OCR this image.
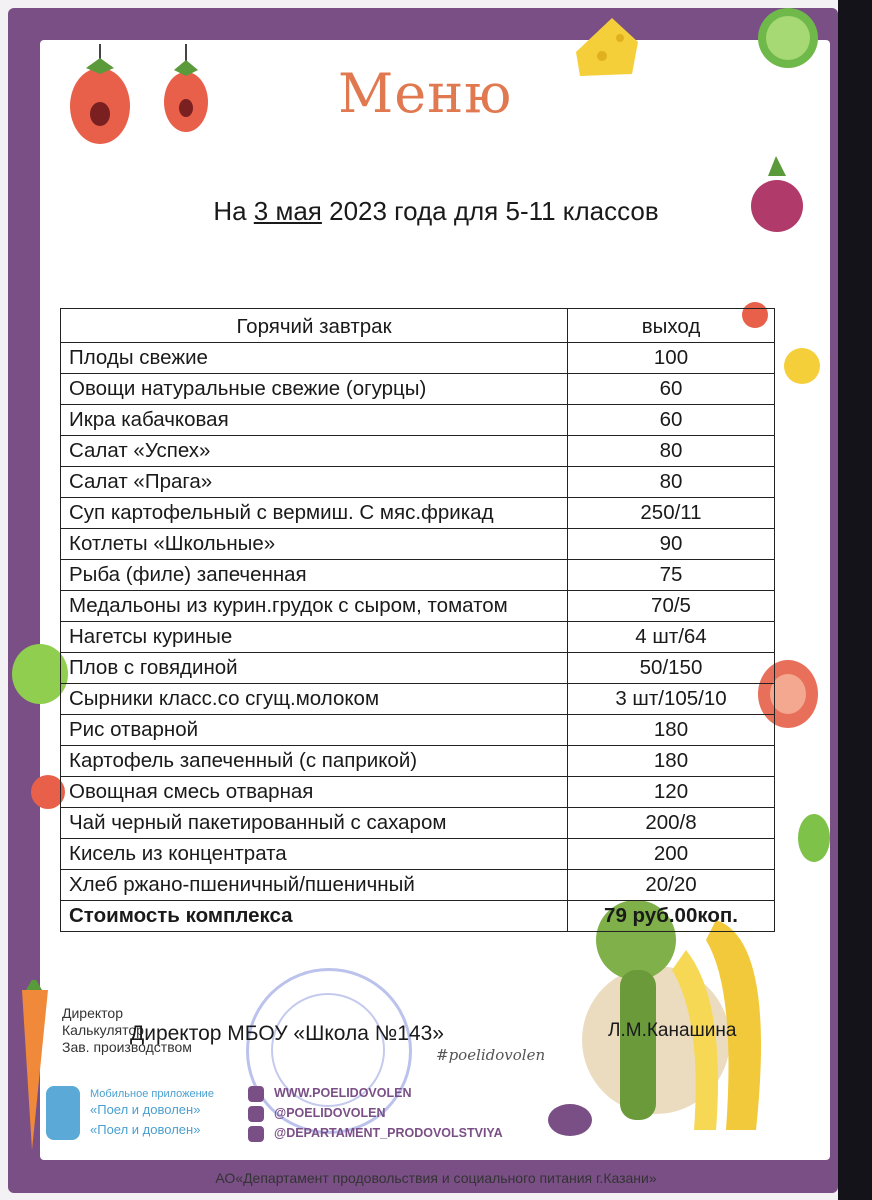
Меню
На 3 мая 2023 года для 5-11 классов
Горячий завтрак	выход
Плоды свежие	100
Овощи натуральные свежие (огурцы)	60
Икра кабачковая	60
Салат «Успех»	80
Салат «Прага»	80
Суп картофельный с вермиш. С мяс.фрикад	250/11
Котлеты «Школьные»	90
Рыба (филе) запеченная	75
Медальоны из курин.грудок с сыром, томатом	70/5
Нагетсы куриные	4 шт/64
Плов с говядиной	50/150
Сырники класс.со сгущ.молоком	3 шт/105/10
Рис отварной	180
Картофель запеченный (с паприкой)	180
Овощная смесь отварная	120
Чай черный пакетированный с сахаром	200/8
Кисель из концентрата	200
Хлеб ржано-пшеничный/пшеничный	20/20
Стоимость комплекса	79 руб.00коп.
Директор
Калькулятор
Зав. производством
Директор МБОУ «Школа №143»	Л.М.Канашина
#poelidovolen
Мобильное приложение
«Поел и доволен»
«Поел и доволен»
WWW.POELIDOVOLEN
@POELIDOVOLEN
@DEPARTAMENT_PRODOVOLSTVIYA
АО«Департамент продовольствия и социального питания г.Казани»
